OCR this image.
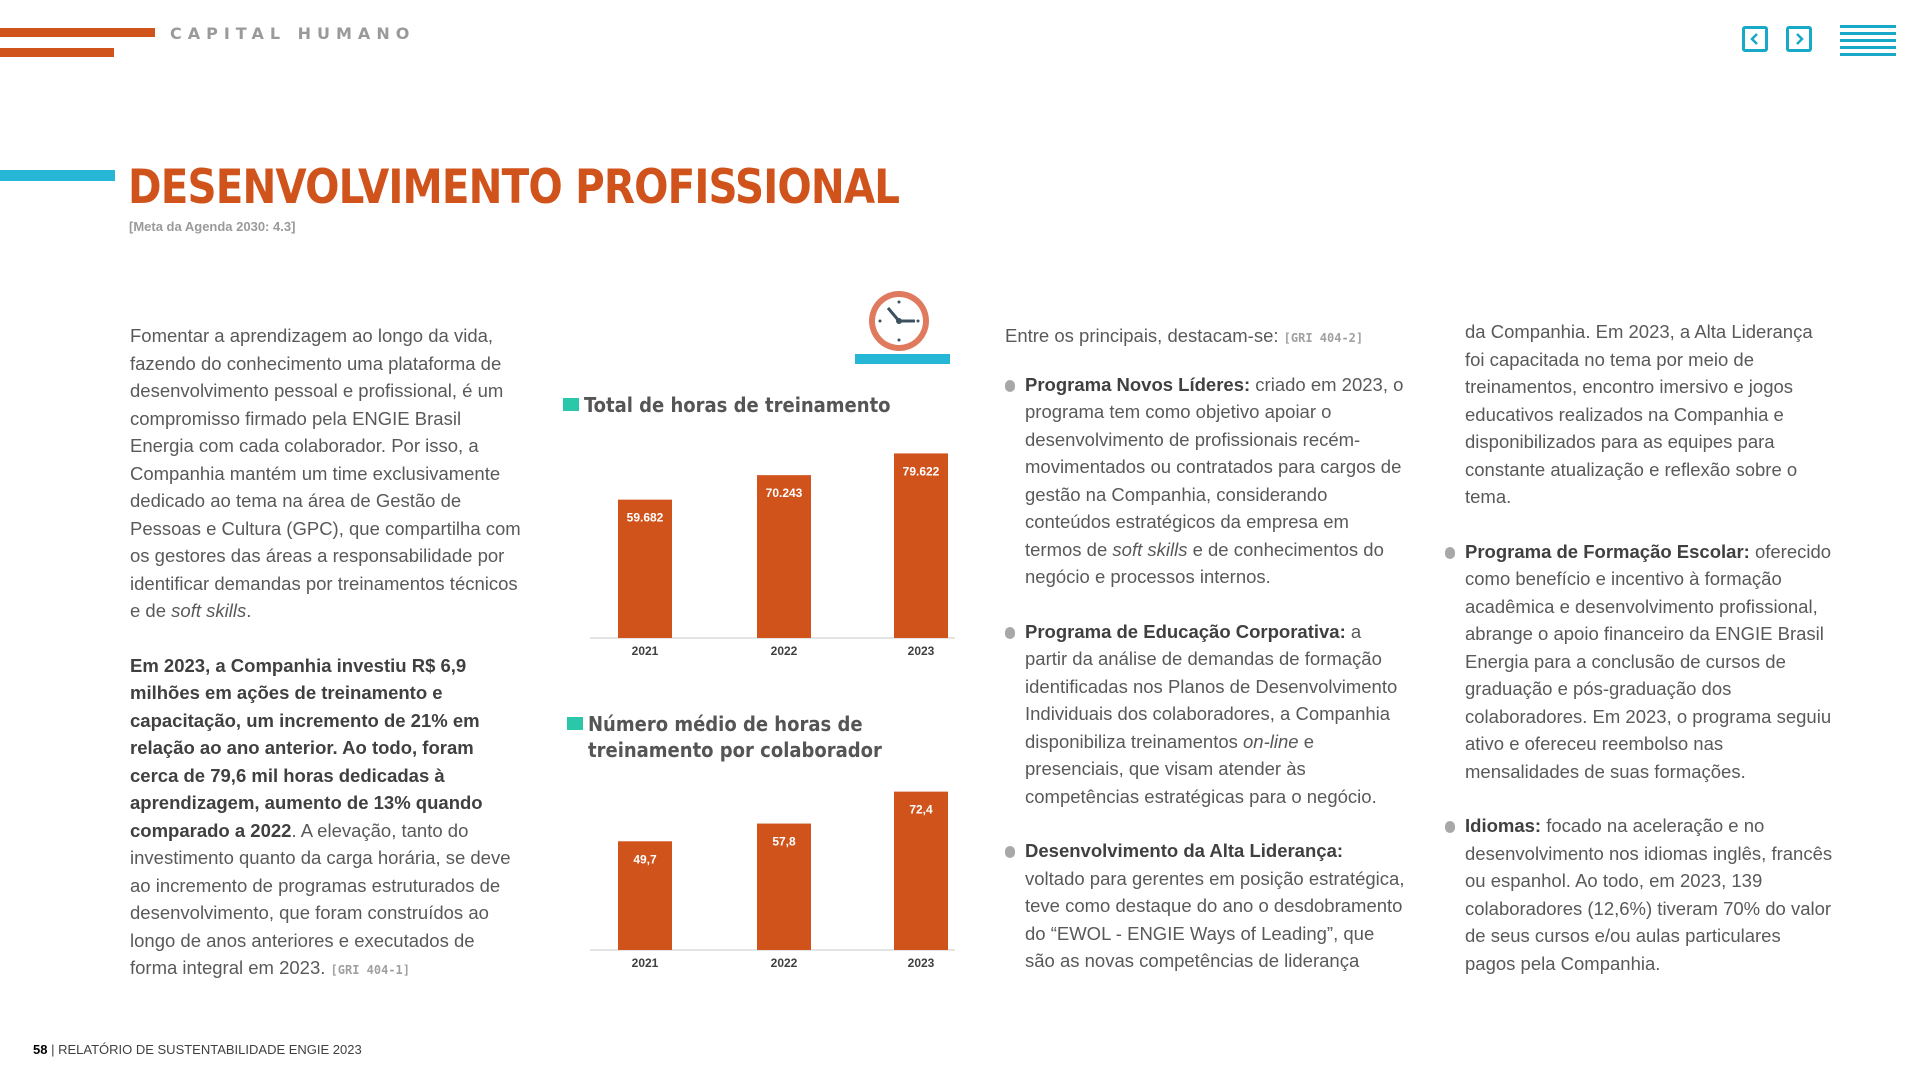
CAPITAL HUMANO
DESENVOLVIMENTO PROFISSIONAL
[Meta da Agenda 2030: 4.3]

Fomentar a aprendizagem ao longo da vida, fazendo do conhecimento uma plataforma de desenvolvimento pessoal e profissional, é um compromisso firmado pela ENGIE Brasil Energia com cada colaborador. Por isso, a Companhia mantém um time exclusivamente dedicado ao tema na área de Gestão de Pessoas e Cultura (GPC), que compartilha com os gestores das áreas a responsabilidade por identificar demandas por treinamentos técnicos e de soft skills.

Em 2023, a Companhia investiu R$ 6,9 milhões em ações de treinamento e capacitação, um incremento de 21% em relação ao ano anterior. Ao todo, foram cerca de 79,6 mil horas dedicadas à aprendizagem, aumento de 13% quando comparado a 2022. A elevação, tanto do investimento quanto da carga horária, se deve ao incremento de programas estruturados de desenvolvimento, que foram construídos ao longo de anos anteriores e executados de forma integral em 2023. [GRI 404-1]

Total de horas de treinamento
59.682
2021
70.243
2022
79.622
2023
Número médio de horas de
treinamento por colaborador
49,7
2021
57,8
2022
72,4
2023

Entre os principais, destacam-se: [GRI 404-2]

Programa Novos Líderes: criado em 2023, o programa tem como objetivo apoiar o desenvolvimento de profissionais recém-movimentados ou contratados para cargos de gestão na Companhia, considerando conteúdos estratégicos da empresa em termos de soft skills e de conhecimentos do negócio e processos internos.

Programa de Educação Corporativa: a partir da análise de demandas de formação identificadas nos Planos de Desenvolvimento Individuais dos colaboradores, a Companhia disponibiliza treinamentos on-line e presenciais, que visam atender às competências estratégicas para o negócio.

Desenvolvimento da Alta Liderança: voltado para gerentes em posição estratégica, teve como destaque do ano o desdobramento do “EWOL - ENGIE Ways of Leading”, que são as novas competências de liderança

da Companhia. Em 2023, a Alta Liderança foi capacitada no tema por meio de treinamentos, encontro imersivo e jogos educativos realizados na Companhia e disponibilizados para as equipes para constante atualização e reflexão sobre o tema.

Programa de Formação Escolar: oferecido como benefício e incentivo à formação acadêmica e desenvolvimento profissional, abrange o apoio financeiro da ENGIE Brasil Energia para a conclusão de cursos de graduação e pós-graduação dos colaboradores. Em 2023, o programa seguiu ativo e ofereceu reembolso nas mensalidades de suas formações.

Idiomas: focado na aceleração e no desenvolvimento nos idiomas inglês, francês ou espanhol. Ao todo, em 2023, 139 colaboradores (12,6%) tiveram 70% do valor de seus cursos e/ou aulas particulares pagos pela Companhia.

58 | RELATÓRIO DE SUSTENTABILIDADE ENGIE 2023
